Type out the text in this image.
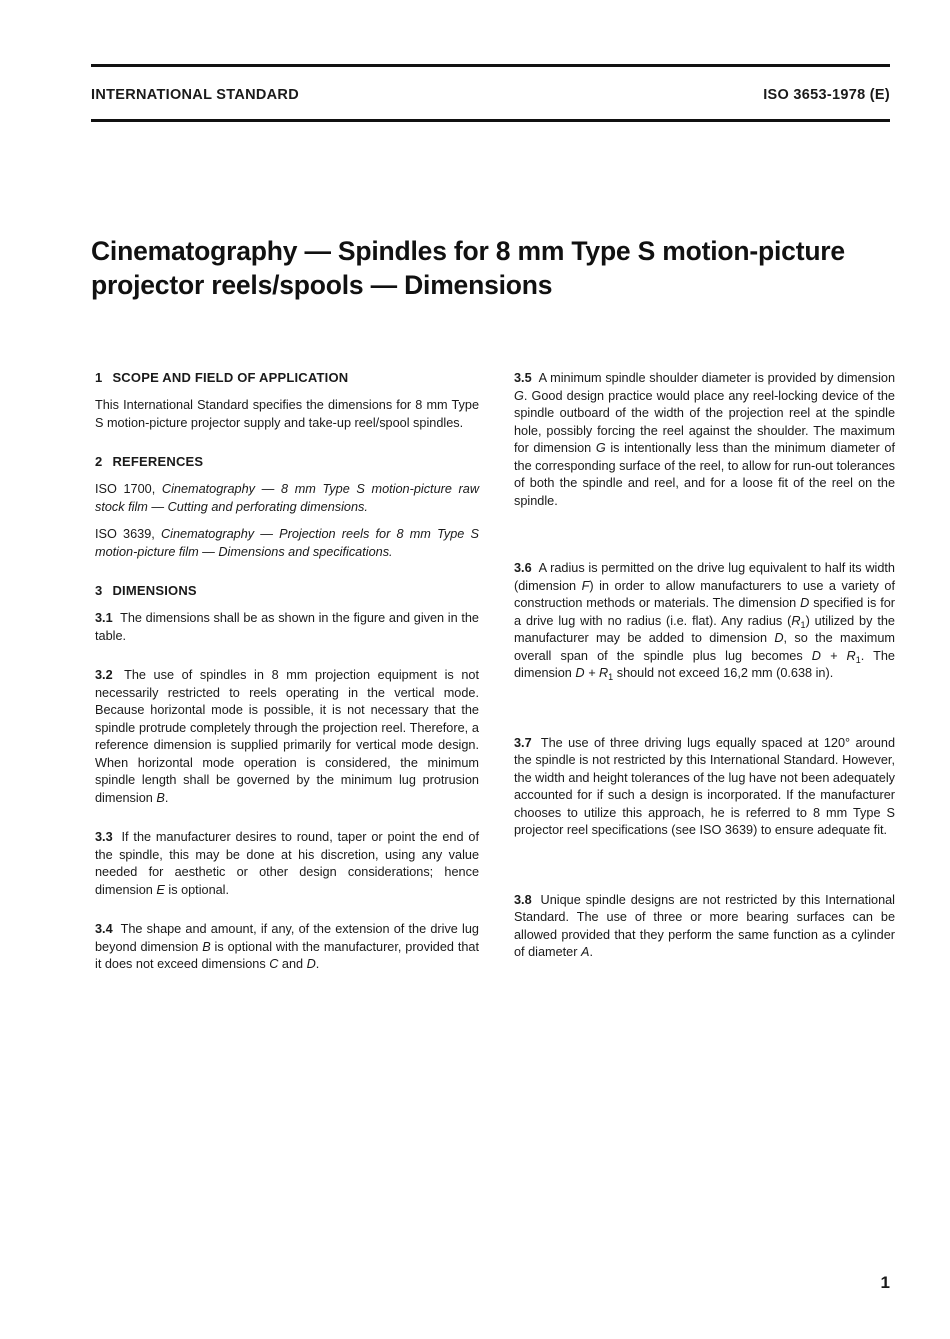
INTERNATIONAL STANDARD	ISO 3653-1978 (E)
Cinematography — Spindles for 8 mm Type S motion-picture projector reels/spools — Dimensions
1 SCOPE AND FIELD OF APPLICATION

This International Standard specifies the dimensions for 8 mm Type S motion-picture projector supply and take-up reel/spool spindles.

2 REFERENCES

ISO 1700, Cinematography — 8 mm Type S motion-picture raw stock film — Cutting and perforating dimensions.

ISO 3639, Cinematography — Projection reels for 8 mm Type S motion-picture film — Dimensions and specifications.

3 DIMENSIONS

3.1 The dimensions shall be as shown in the figure and given in the table.

3.2 The use of spindles in 8 mm projection equipment is not necessarily restricted to reels operating in the vertical mode. Because horizontal mode is possible, it is not necessary that the spindle protrude completely through the projection reel. Therefore, a reference dimension is supplied primarily for vertical mode design. When horizontal mode operation is considered, the minimum spindle length shall be governed by the minimum lug protrusion dimension B.

3.3 If the manufacturer desires to round, taper or point the end of the spindle, this may be done at his discretion, using any value needed for aesthetic or other design considerations; hence dimension E is optional.

3.4 The shape and amount, if any, of the extension of the drive lug beyond dimension B is optional with the manufacturer, provided that it does not exceed dimensions C and D.

3.5 A minimum spindle shoulder diameter is provided by dimension G. Good design practice would place any reel-locking device of the spindle outboard of the width of the projection reel at the spindle hole, possibly forcing the reel against the shoulder. The maximum for dimension G is intentionally less than the minimum diameter of the corresponding surface of the reel, to allow for run-out tolerances of both the spindle and reel, and for a loose fit of the reel on the spindle.

3.6 A radius is permitted on the drive lug equivalent to half its width (dimension F) in order to allow manufacturers to use a variety of construction methods or materials. The dimension D specified is for a drive lug with no radius (i.e. flat). Any radius $(R_1)$ utilized by the manufacturer may be added to dimension D, so the maximum overall span of the spindle plus lug becomes $D + R_1$. The dimension $D + R_1$ should not exceed 16,2 mm (0.638 in).

3.7 The use of three driving lugs equally spaced at 120° around the spindle is not restricted by this International Standard. However, the width and height tolerances of the lug have not been adequately accounted for if such a design is incorporated. If the manufacturer chooses to utilize this approach, he is referred to 8 mm Type S projector reel specifications (see ISO 3639) to ensure adequate fit.

3.8 Unique spindle designs are not restricted by this International Standard. The use of three or more bearing surfaces can be allowed provided that they perform the same function as a cylinder of diameter A.

1
